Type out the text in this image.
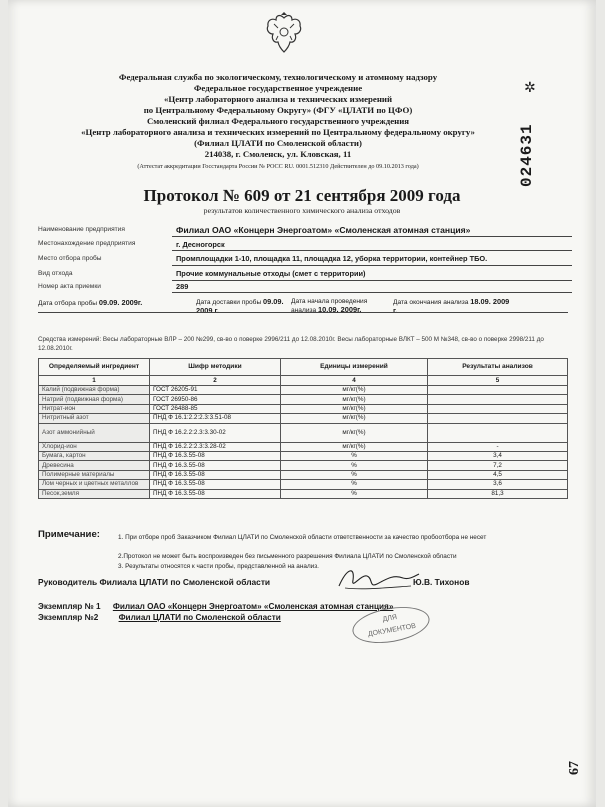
Федеральная служба по экологическому, технологическому и атомному надзору
Федеральное государственное учреждение
«Центр лабораторного анализа и технических измерений
по Центральному Федеральному Округу» (ФГУ «ЦЛАТИ по ЦФО)
Смоленский филиал Федерального государственного учреждения
«Центр лабораторного анализа и технических измерений по Центральному федеральному округу»
(Филиал ЦЛАТИ по Смоленской области)
214038, г. Смоленск, ул. Кловская, 11
(Аттестат аккредитации Госстандарта России № РОСС RU. 0001.512310 Действителен до 09.10.2013 года)
✲
024631
Протокол № 609 от 21 сентября 2009 года
результатов количественного химического анализа отходов
Наименование предприятия	Филиал ОАО «Концерн Энергоатом» «Смоленская атомная станция»
Местонахождение предприятия	г. Десногорск
Место отбора пробы	Промплощадки 1-10, площадка 11, площадка 12, уборка территории, контейнер ТБО.
Вид отхода	Прочие коммунальные отходы (смет с территории)
Номер акта приемки	289
Дата отбора пробы 09.09. 2009г.	Дата доставки пробы 09.09. 2009 г.
Дата начала проведения анализа 10.09. 2009г.
Дата окончания анализа 18.09. 2009 г.
Средства измерений: Весы лабораторные ВЛР – 200 №299, св-во о поверке 2996/211 до 12.08.2010г. Весы лабораторные ВЛКТ – 500 М №348, св-во о поверке 2998/211 до 12.08.2010г.
Определяемый ингредиент	Шифр методики	Единицы измерений	Результаты анализов
1	2	4	5
Калий (подвижная форма)	ГОСТ 26205-91	мг/кг(%)	
Натрий (подвижная форма)	ГОСТ 26950-86	мг/кг(%)	
Нитрат-ион	ГОСТ 26488-85	мг/кг(%)	
Нитритный азот	ПНД Ф 16.1:2.2:2.3:3.51-08	мг/кг(%)	
Азот аммонийный	ПНД Ф 16.2.2:2.3:3.30-02	мг/кг(%)	
Хлорид-ион	ПНД Ф 16.2.2:2.3:3.28-02	мг/кг(%)	-
Бумага, картон	ПНД Ф 16.3.55-08	%	3,4
Древесина	ПНД Ф 16.3.55-08	%	7,2
Полимерные материалы	ПНД Ф 16.3.55-08	%	4,5
Лом черных и цветных металлов	ПНД Ф 16.3.55-08	%	3,6
Песок,земля	ПНД Ф 16.3.55-08	%	81,3
Примечание:	1. При отборе проб Заказчиком Филиал ЦЛАТИ по Смоленской области ответственности за качество пробоотбора не несет
2.Протокол не может быть воспроизведен без письменного разрешения Филиала ЦЛАТИ по Смоленской области
3. Результаты относятся к части пробы, представленной на анализ.
Руководитель Филиала ЦЛАТИ по Смоленской области	Ю.В. Тихонов
ДЛЯ
ДОКУМЕНТОВ
Экземпляр № 1 Филиал ОАО «Концерн Энергоатом» «Смоленская атомная станция»
Экземпляр №2 Филиал ЦЛАТИ по Смоленской области
67
